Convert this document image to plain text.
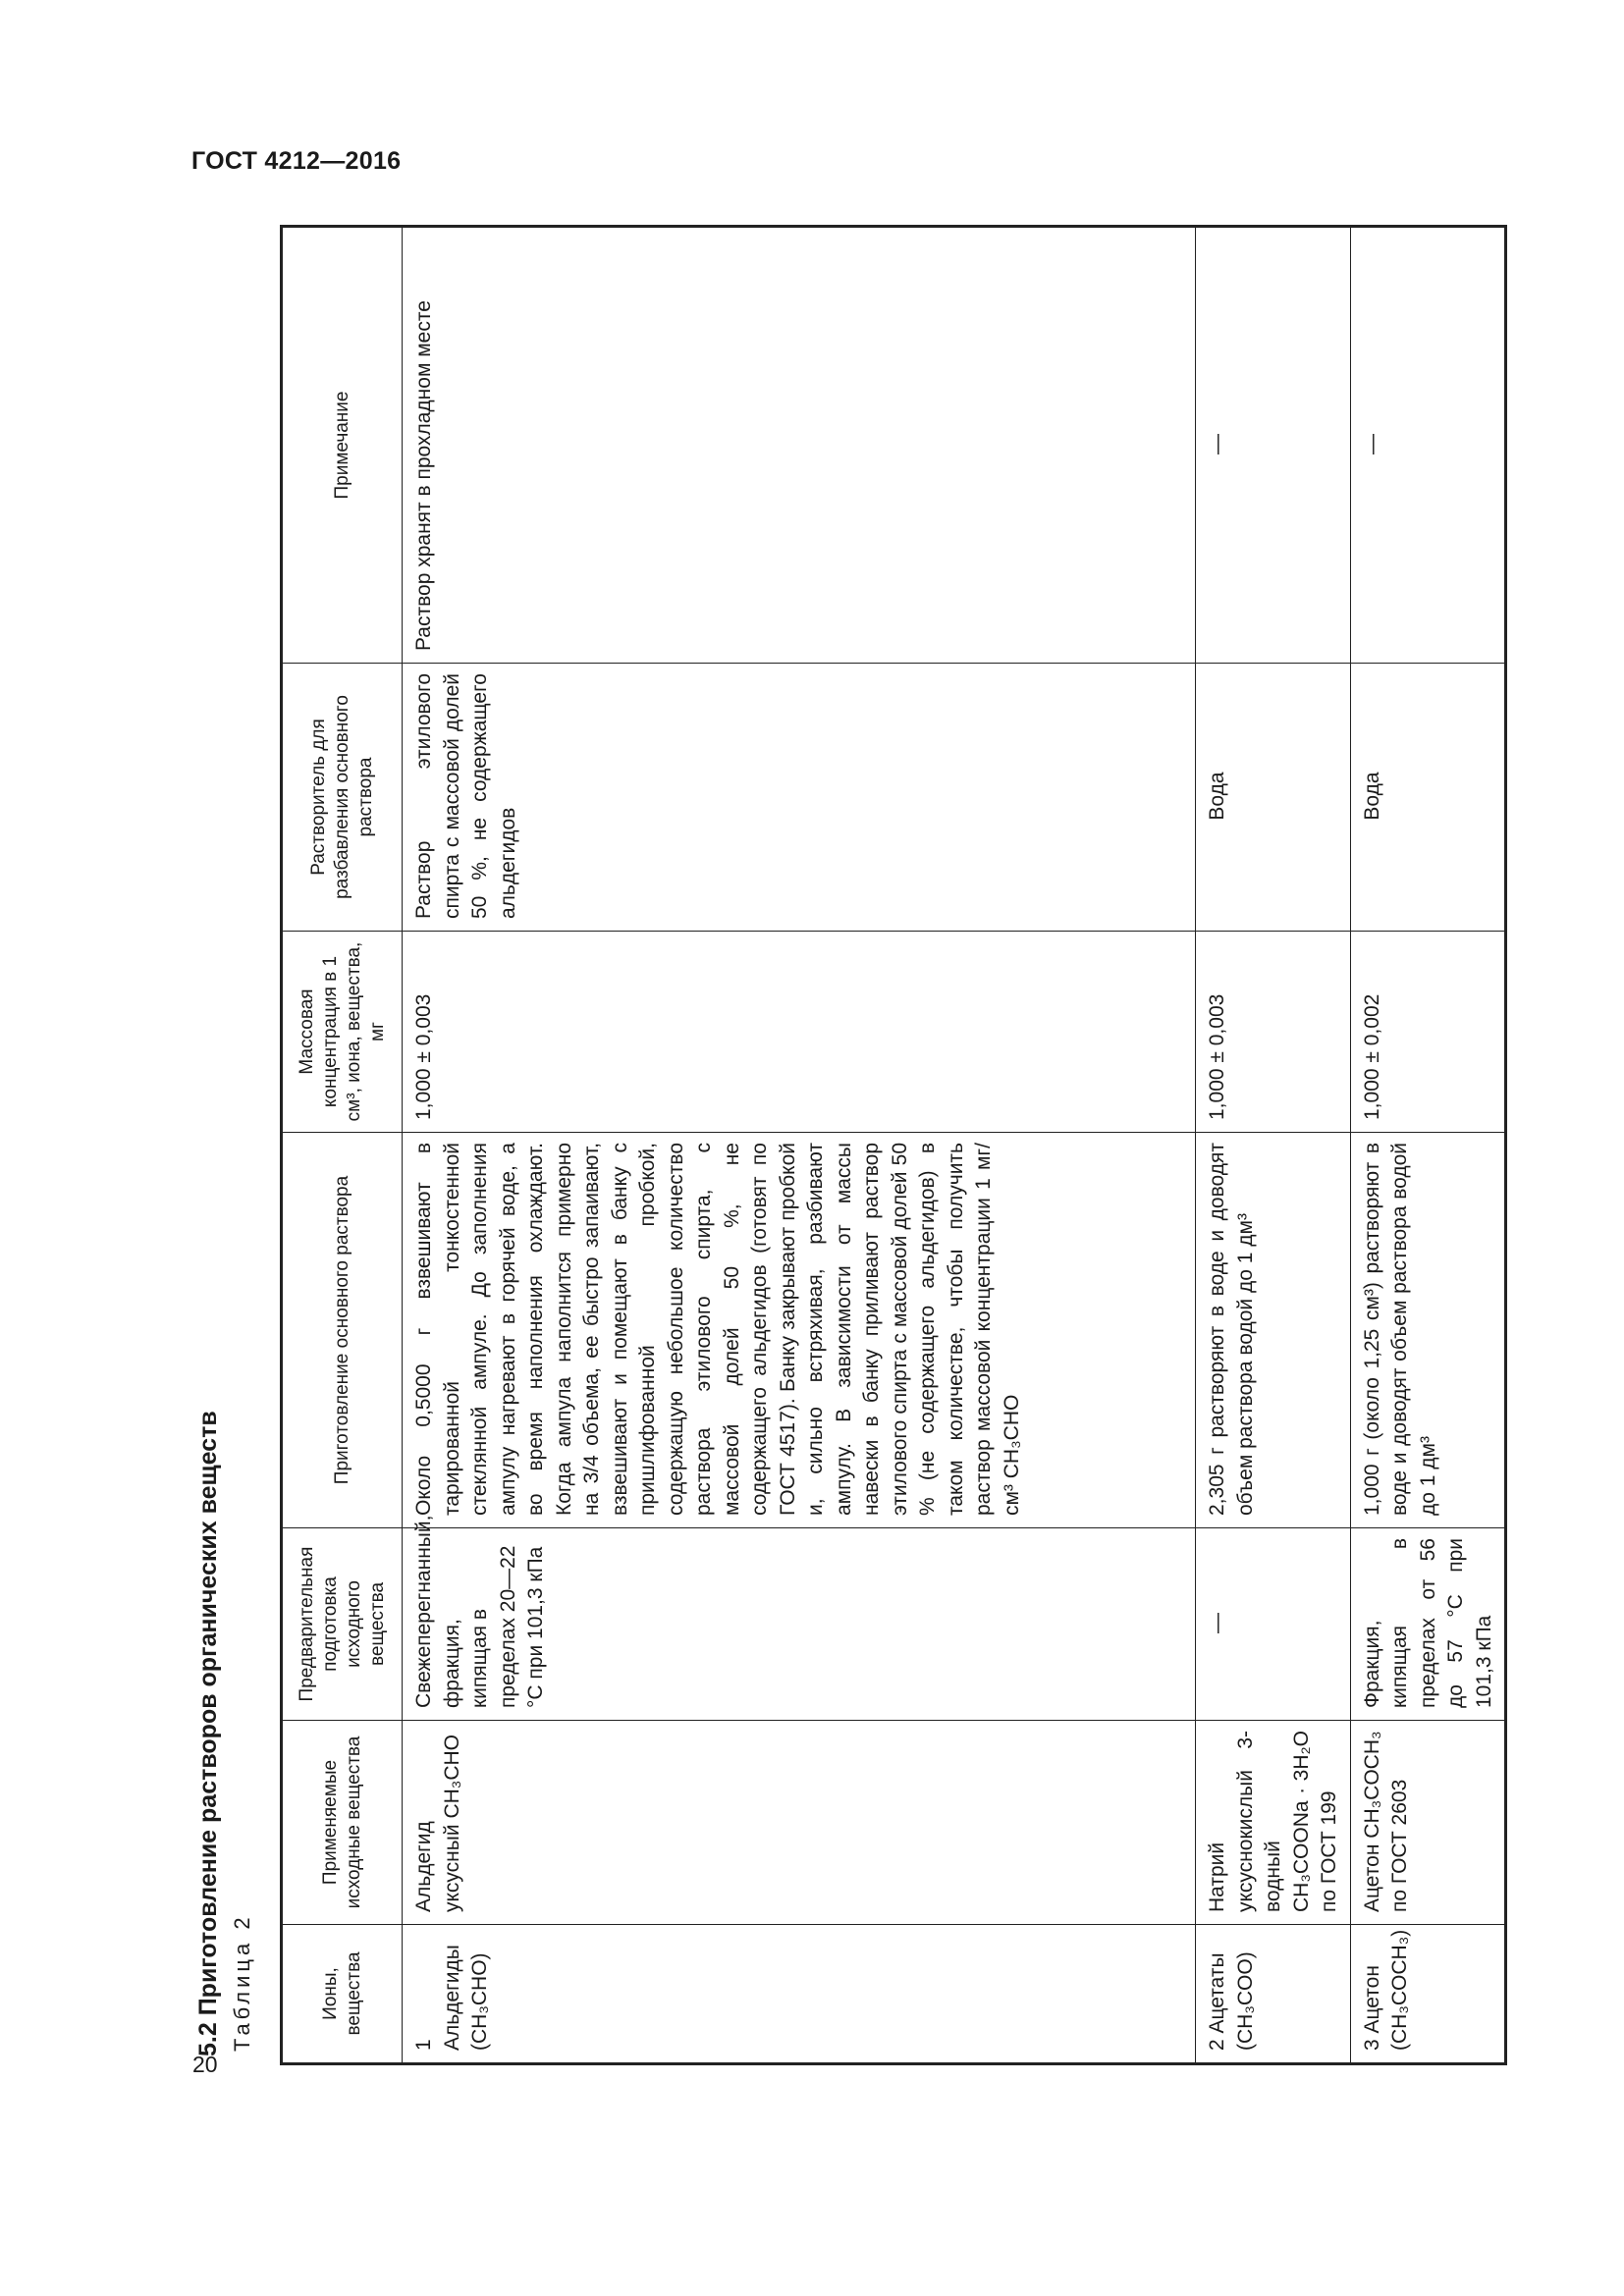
ГОСТ 4212—2016
20
5.2 Приготовление растворов органических веществ Таблица 2	Ионы, вещества	Применяемые исходные вещества	Предварительная подготовка исходного вещества	Приготовление основного раствора	Массовая концентрация в 1 см³, иона, вещества, мг	Растворитель для разбавления основного раствора	Примечание
1 Альдегиды (CH₃CHO)	Альдегид уксусный CH₃CHO	Свежеперегнанный, фракция, кипящая в пределах 20—22 °С при 101,3 кПа	Около 0,5000 г взвешивают в тарированной тонкостенной стеклянной ампуле. До заполнения ампулу нагревают в горячей воде, а во время наполнения охлаждают. Когда ампула наполнится примерно на 3/4 объема, ее быстро запаивают, взвешивают и помещают в банку с пришлифованной пробкой, содержащую небольшое количество раствора этилового спирта, с массовой долей 50 %, не содержащего альдегидов (готовят по ГОСТ 4517). Банку закрывают пробкой и, сильно встряхивая, разбивают ампулу. В зависимости от массы навески в банку приливают раствор этилового спирта с массовой долей 50 % (не содержащего альдегидов) в таком количестве, чтобы получить раствор массовой концентрации 1 мг/см³ CH₃CHO	1,000 ± 0,003	Раствор этилового спирта с массовой долей 50 %, не содержащего альдегидов	Раствор хранят в прохладном месте
2 Ацетаты (CH₃COO)	Натрий уксуснокислый 3-водный CH₃COONa · 3H₂O по ГОСТ 199	—	2,305 г растворяют в воде и доводят объем раствора водой до 1 дм³	1,000 ± 0,003	Вода	—
3 Ацетон (CH₃COCH₃)	Ацетон CH₃COCH₃ по ГОСТ 2603	Фракция, кипящая в пределах от 56 до 57 °С при 101,3 кПа	1,000 г (около 1,25 см³) растворяют в воде и доводят объем раствора водой до 1 дм³	1,000 ± 0,002	Вода	—
